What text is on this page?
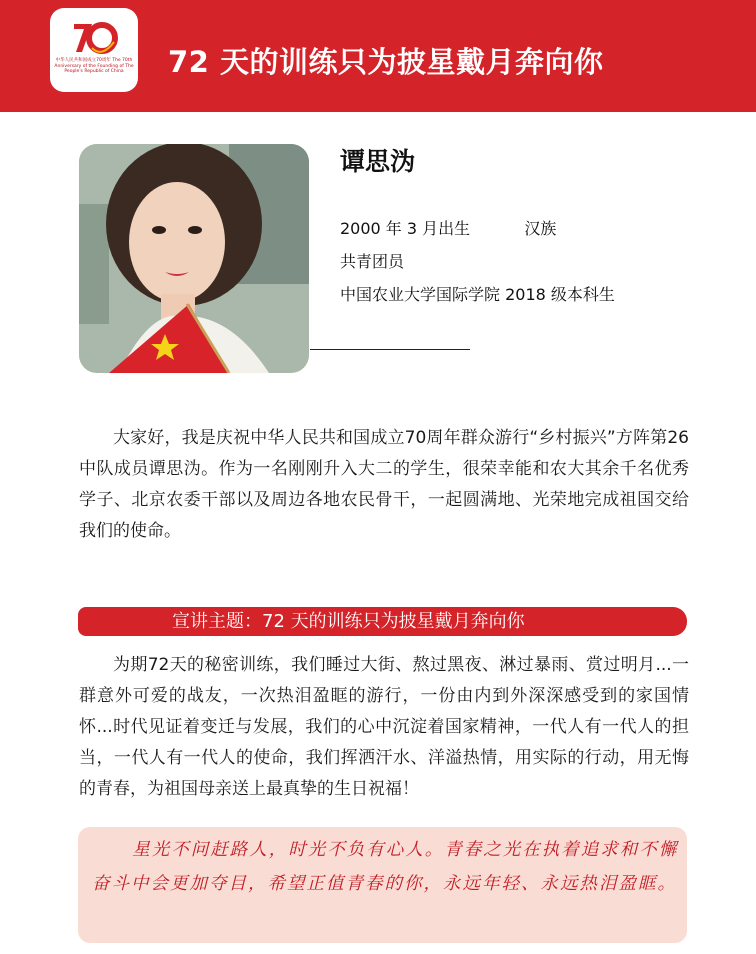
中华人民共和国成立70周年 The 70th Anniversary of the Founding of The People's Republic of China	72 天的训练只为披星戴月奔向你
谭思沩
2000 年 3 月出生	汉族
共青团员
中国农业大学国际学院 2018 级本科生

大家好，我是庆祝中华人民共和国成立70周年群众游行“乡村振兴”方阵第26中队成员谭思沩。作为一名刚刚升入大二的学生，很荣幸能和农大其余千名优秀学子、北京农委干部以及周边各地农民骨干，一起圆满地、光荣地完成祖国交给我们的使命。

宣讲主题：72 天的训练只为披星戴月奔向你

为期72天的秘密训练，我们睡过大街、熬过黑夜、淋过暴雨、赏过明月...一群意外可爱的战友，一次热泪盈眶的游行，一份由内到外深深感受到的家国情怀...时代见证着变迁与发展，我们的心中沉淀着国家精神，一代人有一代人的担当，一代人有一代人的使命，我们挥洒汗水、洋溢热情，用实际的行动，用无悔的青春，为祖国母亲送上最真挚的生日祝福！

星光不问赶路人，时光不负有心人。青春之光在执着追求和不懈奋斗中会更加夺目，希望正值青春的你，永远年轻、永远热泪盈眶。
